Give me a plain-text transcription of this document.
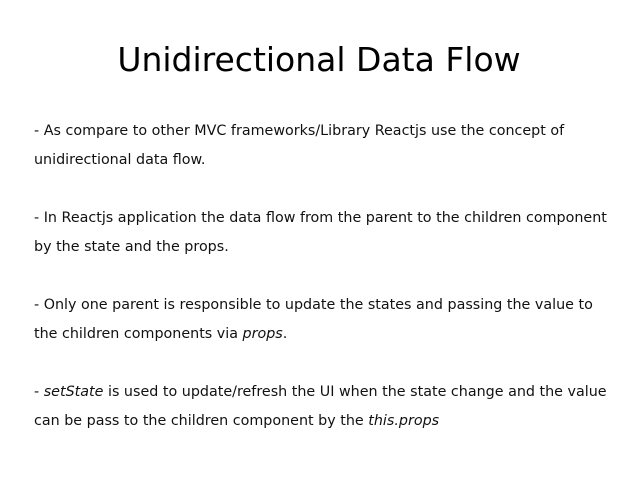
Unidirectional Data Flow

- As compare to other MVC frameworks/Library Reactjs use the concept of unidirectional data flow.

- In Reactjs application the data flow from the parent to the children component by the state and the props.

- Only one parent is responsible to update the states and passing the value to the children components via props.

- setState is used to update/refresh the UI when the state change and the value can be pass to the children component by the this.props
